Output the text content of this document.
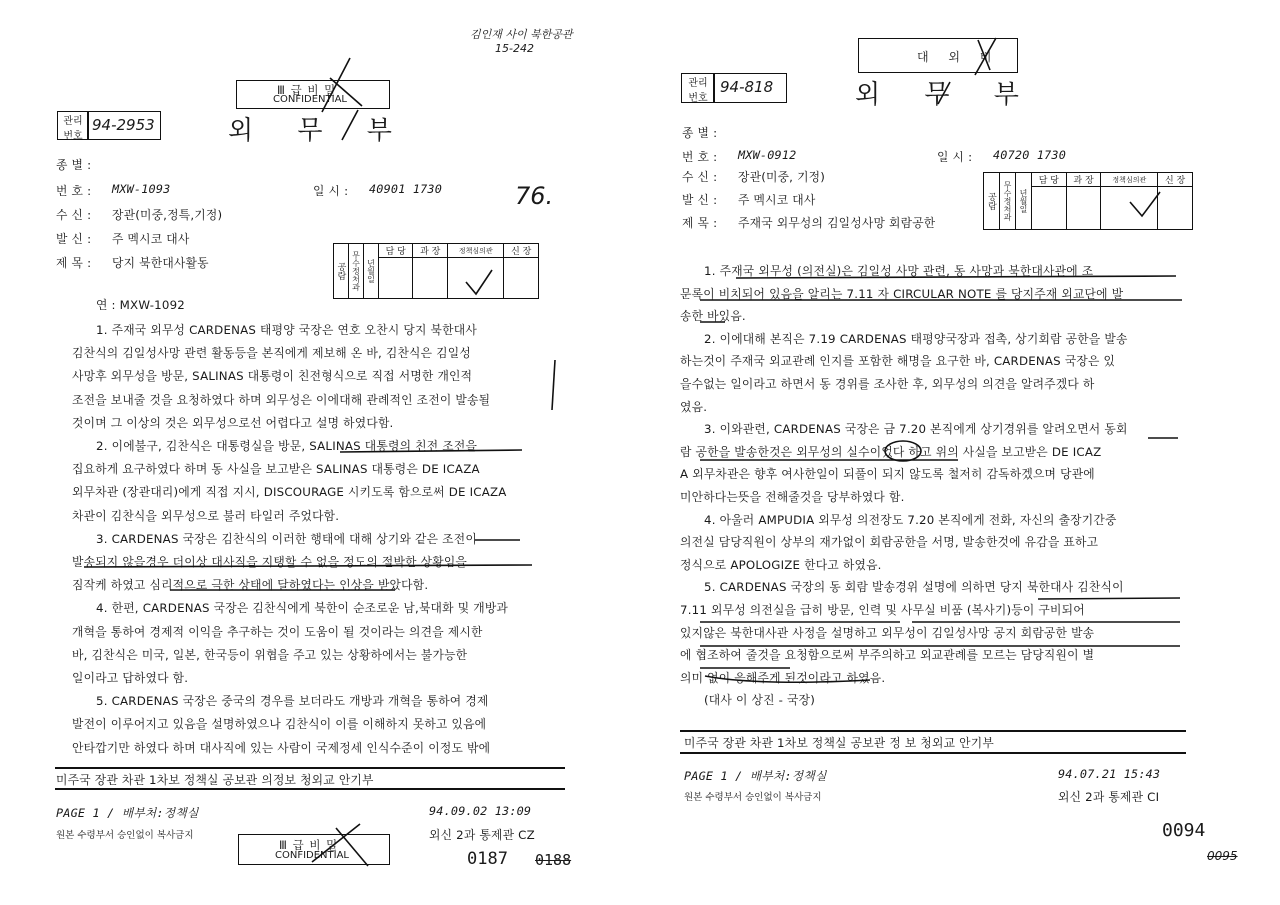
김인재 사이 북한공관
15-242
Ⅲ 급 비 밀
CONFIDENTIAL
관리
번호
94-2953	외 무 부
종 별 :
번 호 : MXW-1093	일 시 : 40901 1730	76.
수 신 : 장관(미중,정특,기정)
발 신 : 주 멕시코 대사
제 목 : 당지 북한대사활동	공람	무수정처과	년월일	담 당	과 장	정책심의관	신 장

연 : MXW-1092
1. 주재국 외무성 CARDENAS 태평양 국장은 연호 오찬시 당지 북한대사
김찬식의 김일성사망 관련 활동등을 본직에게 제보해 온 바, 김찬식은 김일성
사망후 외무성을 방문, SALINAS 대통령이 친전형식으로 직접 서명한 개인적
조전을 보내줄 것을 요청하였다 하며 외무성은 이에대해 관례적인 조전이 발송될
것이며 그 이상의 것은 외무성으로선 어렵다고 설명 하였다함.
2. 이에불구, 김찬식은 대통령실을 방문, SALINAS 대통령의 친전 조전을
집요하게 요구하였다 하며 동 사실을 보고받은 SALINAS 대통령은 DE ICAZA
외무차관 (장관대리)에게 직접 지시, DISCOURAGE 시키도록 함으로써 DE ICAZA
차관이 김찬식을 외무성으로 불러 타일러 주었다함.
3. CARDENAS 국장은 김찬식의 이러한 행태에 대해 상기와 같은 조전이
발송되지 않을경우 더이상 대사직을 지탱할 수 없을 정도의 절박한 상황임을
짐작케 하였고 심리적으로 극한 상태에 달하였다는 인상을 받았다함.
4. 한편, CARDENAS 국장은 김찬식에게 북한이 순조로운 남,북대화 및 개방과
개혁을 통하여 경제적 이익을 추구하는 것이 도움이 될 것이라는 의견을 제시한
바, 김찬식은 미국, 일본, 한국등이 위협을 주고 있는 상황하에서는 불가능한
일이라고 답하였다 함.
5. CARDENAS 국장은 중국의 경우를 보더라도 개방과 개혁을 통하여 경제
발전이 이루어지고 있음을 설명하였으나 김찬식이 이를 이해하지 못하고 있음에
안타깝기만 하였다 하며 대사직에 있는 사람이 국제정세 인식수준이 이정도 밖에
미주국 장관 차관 1차보 정책실 공보관 의정보 청외교 안기부
PAGE 1 / 배부처:정책실	94.09.02 13:09
원본 수령부서 승인없이 복사금지	외신 2과 통제관 CZ
Ⅲ 급 비 밀
CONFIDENTIAL	0187 0188
대 외 비
관리
번호
94-818	외 무 부
종 별 :
번 호 : MXW-0912	일 시 : 40720 1730
수 신 : 장관(미중, 기정)
발 신 : 주 멕시코 대사
제 목 : 주재국 외무성의 김일성사망 회람공한
공람	무수정처과	년월일	담 당	과 장	정책심의관	신 장

1. 주재국 외무성 (의전실)은 김일성 사망 관련, 동 사망과 북한대사관에 조
문록이 비치되어 있음을 알리는 7.11 자 CIRCULAR NOTE 를 당지주재 외교단에 발
송한 바있음.
2. 이에대해 본직은 7.19 CARDENAS 태평양국장과 접촉, 상기회람 공한을 발송
하는것이 주재국 외교관례 인지를 포함한 해명을 요구한 바, CARDENAS 국장은 있
을수없는 일이라고 하면서 동 경위를 조사한 후, 외무성의 의견을 알려주겠다 하
였음.
3. 이와관련, CARDENAS 국장은 금 7.20 본직에게 상기경위를 알려오면서 동회
람 공한을 발송한것은 외무성의 실수이었다 하고 위의 사실을 보고받은 DE ICAZ
A 외무차관은 향후 여사한일이 되풀이 되지 않도록 철저히 감독하겠으며 당관에
미안하다는뜻을 전해줄것을 당부하였다 함.
4. 아울러 AMPUDIA 외무성 의전장도 7.20 본직에게 전화, 자신의 출장기간중
의전실 담당직원이 상부의 재가없이 회람공한을 서명, 발송한것에 유감을 표하고
정식으로 APOLOGIZE 한다고 하였음.
5. CARDENAS 국장의 동 회람 발송경위 설명에 의하면 당지 북한대사 김찬식이
7.11 외무성 의전실을 급히 방문, 인력 및 사무실 비품 (복사기)등이 구비되어
있지않은 북한대사관 사정을 설명하고 외무성이 김일성사망 공지 회람공한 발송
에 협조하여 줄것을 요청함으로써 부주의하고 외교관례를 모르는 담당직원이 별
의미 없이 응해주게 된것이라고 하였음.
(대사 이 상진 - 국장)
미주국 장관 차관 1차보 정책실 공보관 정 보 청외교 안기부
PAGE 1 / 배부처:정책실	94.07.21 15:43
원본 수령부서 승인없이 복사금지	외신 2과 통제관 CI
0094
0095
